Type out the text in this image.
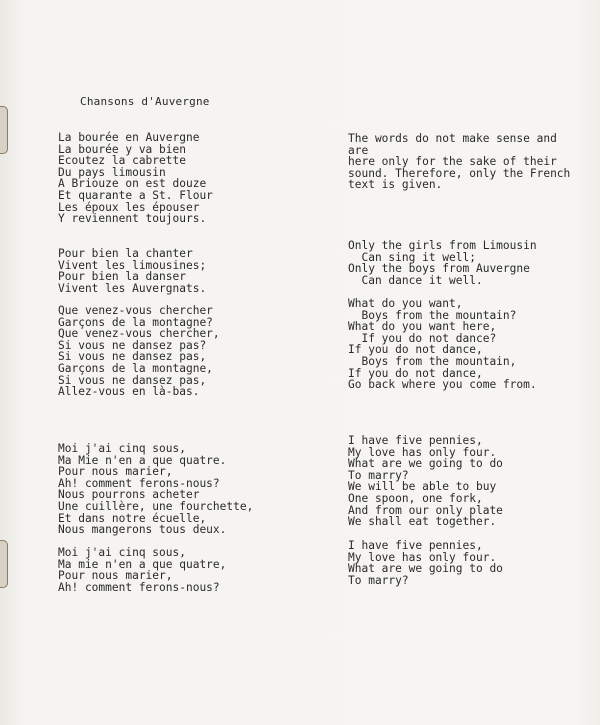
Chansons d'Auvergne
The words do not make sense and are
here only for the sake of their
sound. Therefore, only the French
text is given.
La bourée en Auvergne
La bourée y va bien
Ecoutez la cabrette
Du pays limousin
A Briouze on est douze
Et quarante a St. Flour
Les époux les épouser
Y reviennent toujours.
Pour bien la chanter
Vivent les limousines;
Pour bien la danser
Vivent les Auvergnats.
Que venez-vous chercher
Garçons de la montagne?
Que venez-vous chercher,
Si vous ne dansez pas?
Si vous ne dansez pas,
Garçons de la montagne,
Si vous ne dansez pas,
Allez-vous en là-bas.
Moi j'ai cinq sous,
Ma Mie n'en a que quatre.
Pour nous marier,
Ah! comment ferons-nous?
Nous pourrons acheter
Une cuillère, une fourchette,
Et dans notre écuelle,
Nous mangerons tous deux.
Moi j'ai cinq sous,
Ma mie n'en a que quatre,
Pour nous marier,
Ah! comment ferons-nous?
Only the girls from Limousin
Can sing it well;
Only the boys from Auvergne
Can dance it well.
What do you want,
Boys from the mountain?
What do you want here,
If you do not dance?
If you do not dance,
Boys from the mountain,
If you do not dance,
Go back where you come from.
I have five pennies,
My love has only four.
What are we going to do
To marry?
We will be able to buy
One spoon, one fork,
And from our only plate
We shall eat together.
I have five pennies,
My love has only four.
What are we going to do
To marry?
